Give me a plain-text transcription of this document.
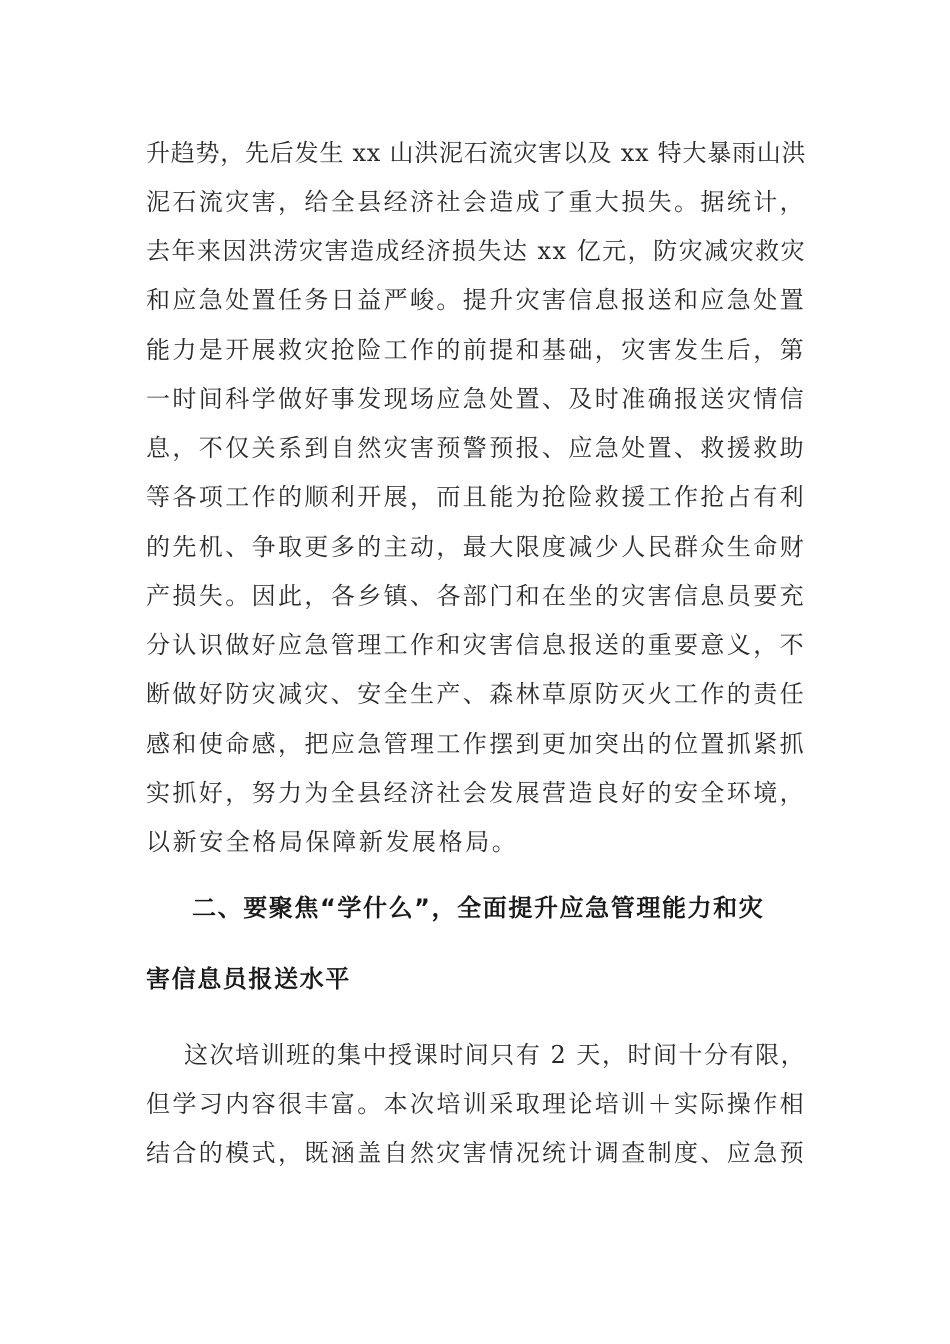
升趋势，先后发生 xx 山洪泥石流灾害以及 xx 特大暴雨山洪
泥石流灾害，给全县经济社会造成了重大损失。据统计，
去年来因洪涝灾害造成经济损失达 xx 亿元，防灾减灾救灾
和应急处置任务日益严峻。提升灾害信息报送和应急处置
能力是开展救灾抢险工作的前提和基础，灾害发生后，第
一时间科学做好事发现场应急处置、及时准确报送灾情信
息，不仅关系到自然灾害预警预报、应急处置、救援救助
等各项工作的顺利开展，而且能为抢险救援工作抢占有利
的先机、争取更多的主动，最大限度减少人民群众生命财
产损失。因此，各乡镇、各部门和在坐的灾害信息员要充
分认识做好应急管理工作和灾害信息报送的重要意义，不
断做好防灾减灾、安全生产、森林草原防灭火工作的责任
感和使命感，把应急管理工作摆到更加突出的位置抓紧抓
实抓好，努力为全县经济社会发展营造良好的安全环境，
以新安全格局保障新发展格局。
二、要聚焦“学什么”，全面提升应急管理能力和灾
害信息员报送水平
这次培训班的集中授课时间只有 2 天，时间十分有限，
但学习内容很丰富。本次培训采取理论培训＋实际操作相
结合的模式，既涵盖自然灾害情况统计调查制度、应急预
